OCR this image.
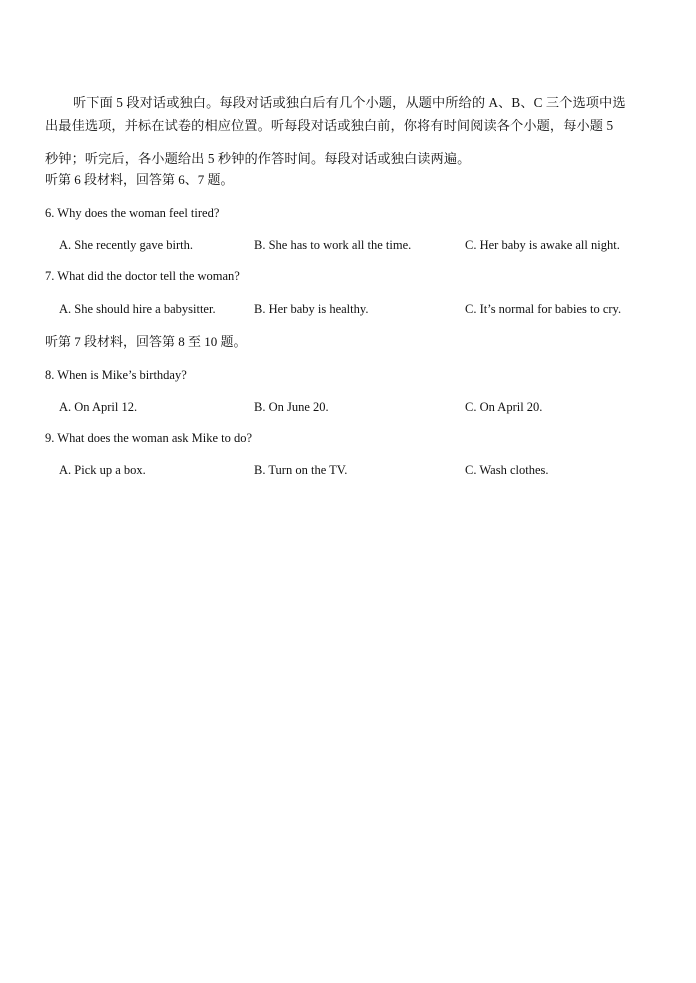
听下面 5 段对话或独白。每段对话或独白后有几个小题，从题中所给的 A、B、C 三个选项中选
出最佳选项，并标在试卷的相应位置。听每段对话或独白前，你将有时间阅读各个小题，每小题 5
秒钟；听完后，各小题给出 5 秒钟的作答时间。每段对话或独白读两遍。
听第 6 段材料，回答第 6、7 题。
6. Why does the woman feel tired?
A. She recently gave birth.	B. She has to work all the time.	C. Her baby is awake all night.
7. What did the doctor tell the woman?
A. She should hire a babysitter.	B. Her baby is healthy.	C. It’s normal for babies to cry.
听第 7 段材料，回答第 8 至 10 题。
8. When is Mike’s birthday?
A. On April 12.	B. On June 20.	C. On April 20.
9. What does the woman ask Mike to do?
A. Pick up a box.	B. Turn on the TV.	C. Wash clothes.
